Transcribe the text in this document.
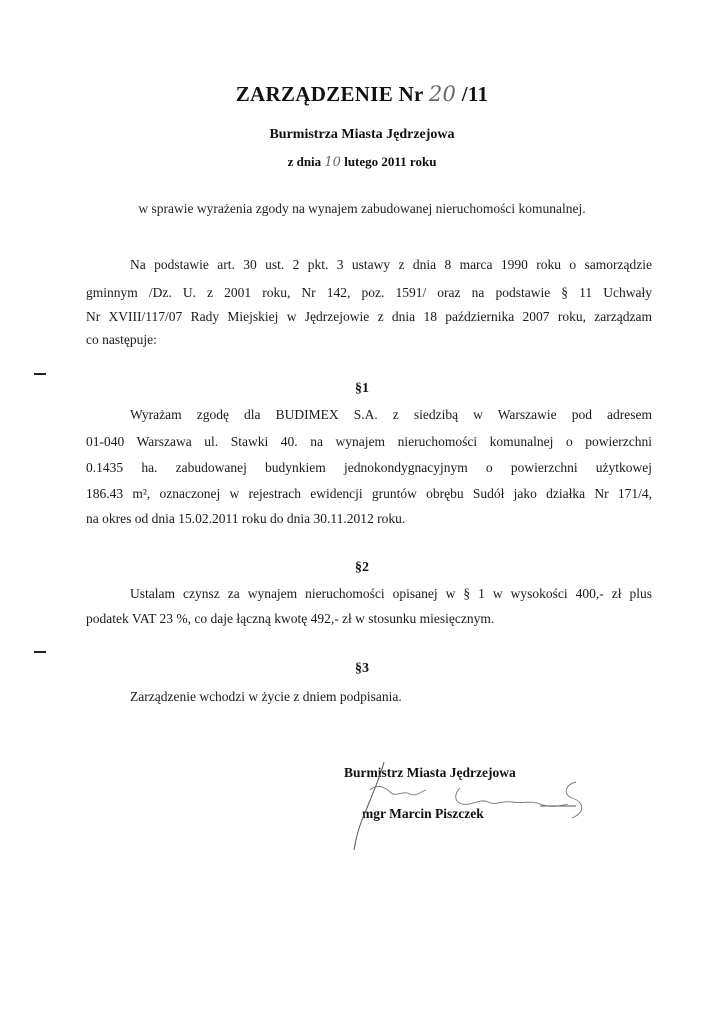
ZARZĄDZENIE Nr 20 /11
Burmistrza Miasta Jędrzejowa
z dnia 10 lutego 2011 roku
w sprawie wyrażenia zgody na wynajem zabudowanej nieruchomości komunalnej.
Na podstawie art. 30 ust. 2 pkt. 3 ustawy z dnia 8 marca 1990 roku o samorządzie
gminnym /Dz. U. z 2001 roku, Nr 142, poz. 1591/ oraz na podstawie § 11 Uchwały
Nr XVIII/117/07 Rady Miejskiej w Jędrzejowie z dnia 18 października 2007 roku, zarządzam
co następuje:
§1
Wyrażam zgodę dla BUDIMEX S.A. z siedzibą w Warszawie pod adresem
01-040 Warszawa ul. Stawki 40. na wynajem nieruchomości komunalnej o powierzchni
0.1435 ha. zabudowanej budynkiem jednokondygnacyjnym o powierzchni użytkowej
186.43 m², oznaczonej w rejestrach ewidencji gruntów obrębu Sudół jako działka Nr 171/4,
na okres od dnia 15.02.2011 roku do dnia 30.11.2012 roku.
§2
Ustalam czynsz za wynajem nieruchomości opisanej w § 1 w wysokości 400,- zł plus
podatek VAT 23 %, co daje łączną kwotę 492,- zł w stosunku miesięcznym.
§3
Zarządzenie wchodzi w życie z dniem podpisania.
Burmistrz Miasta Jędrzejowa
mgr Marcin Piszczek
